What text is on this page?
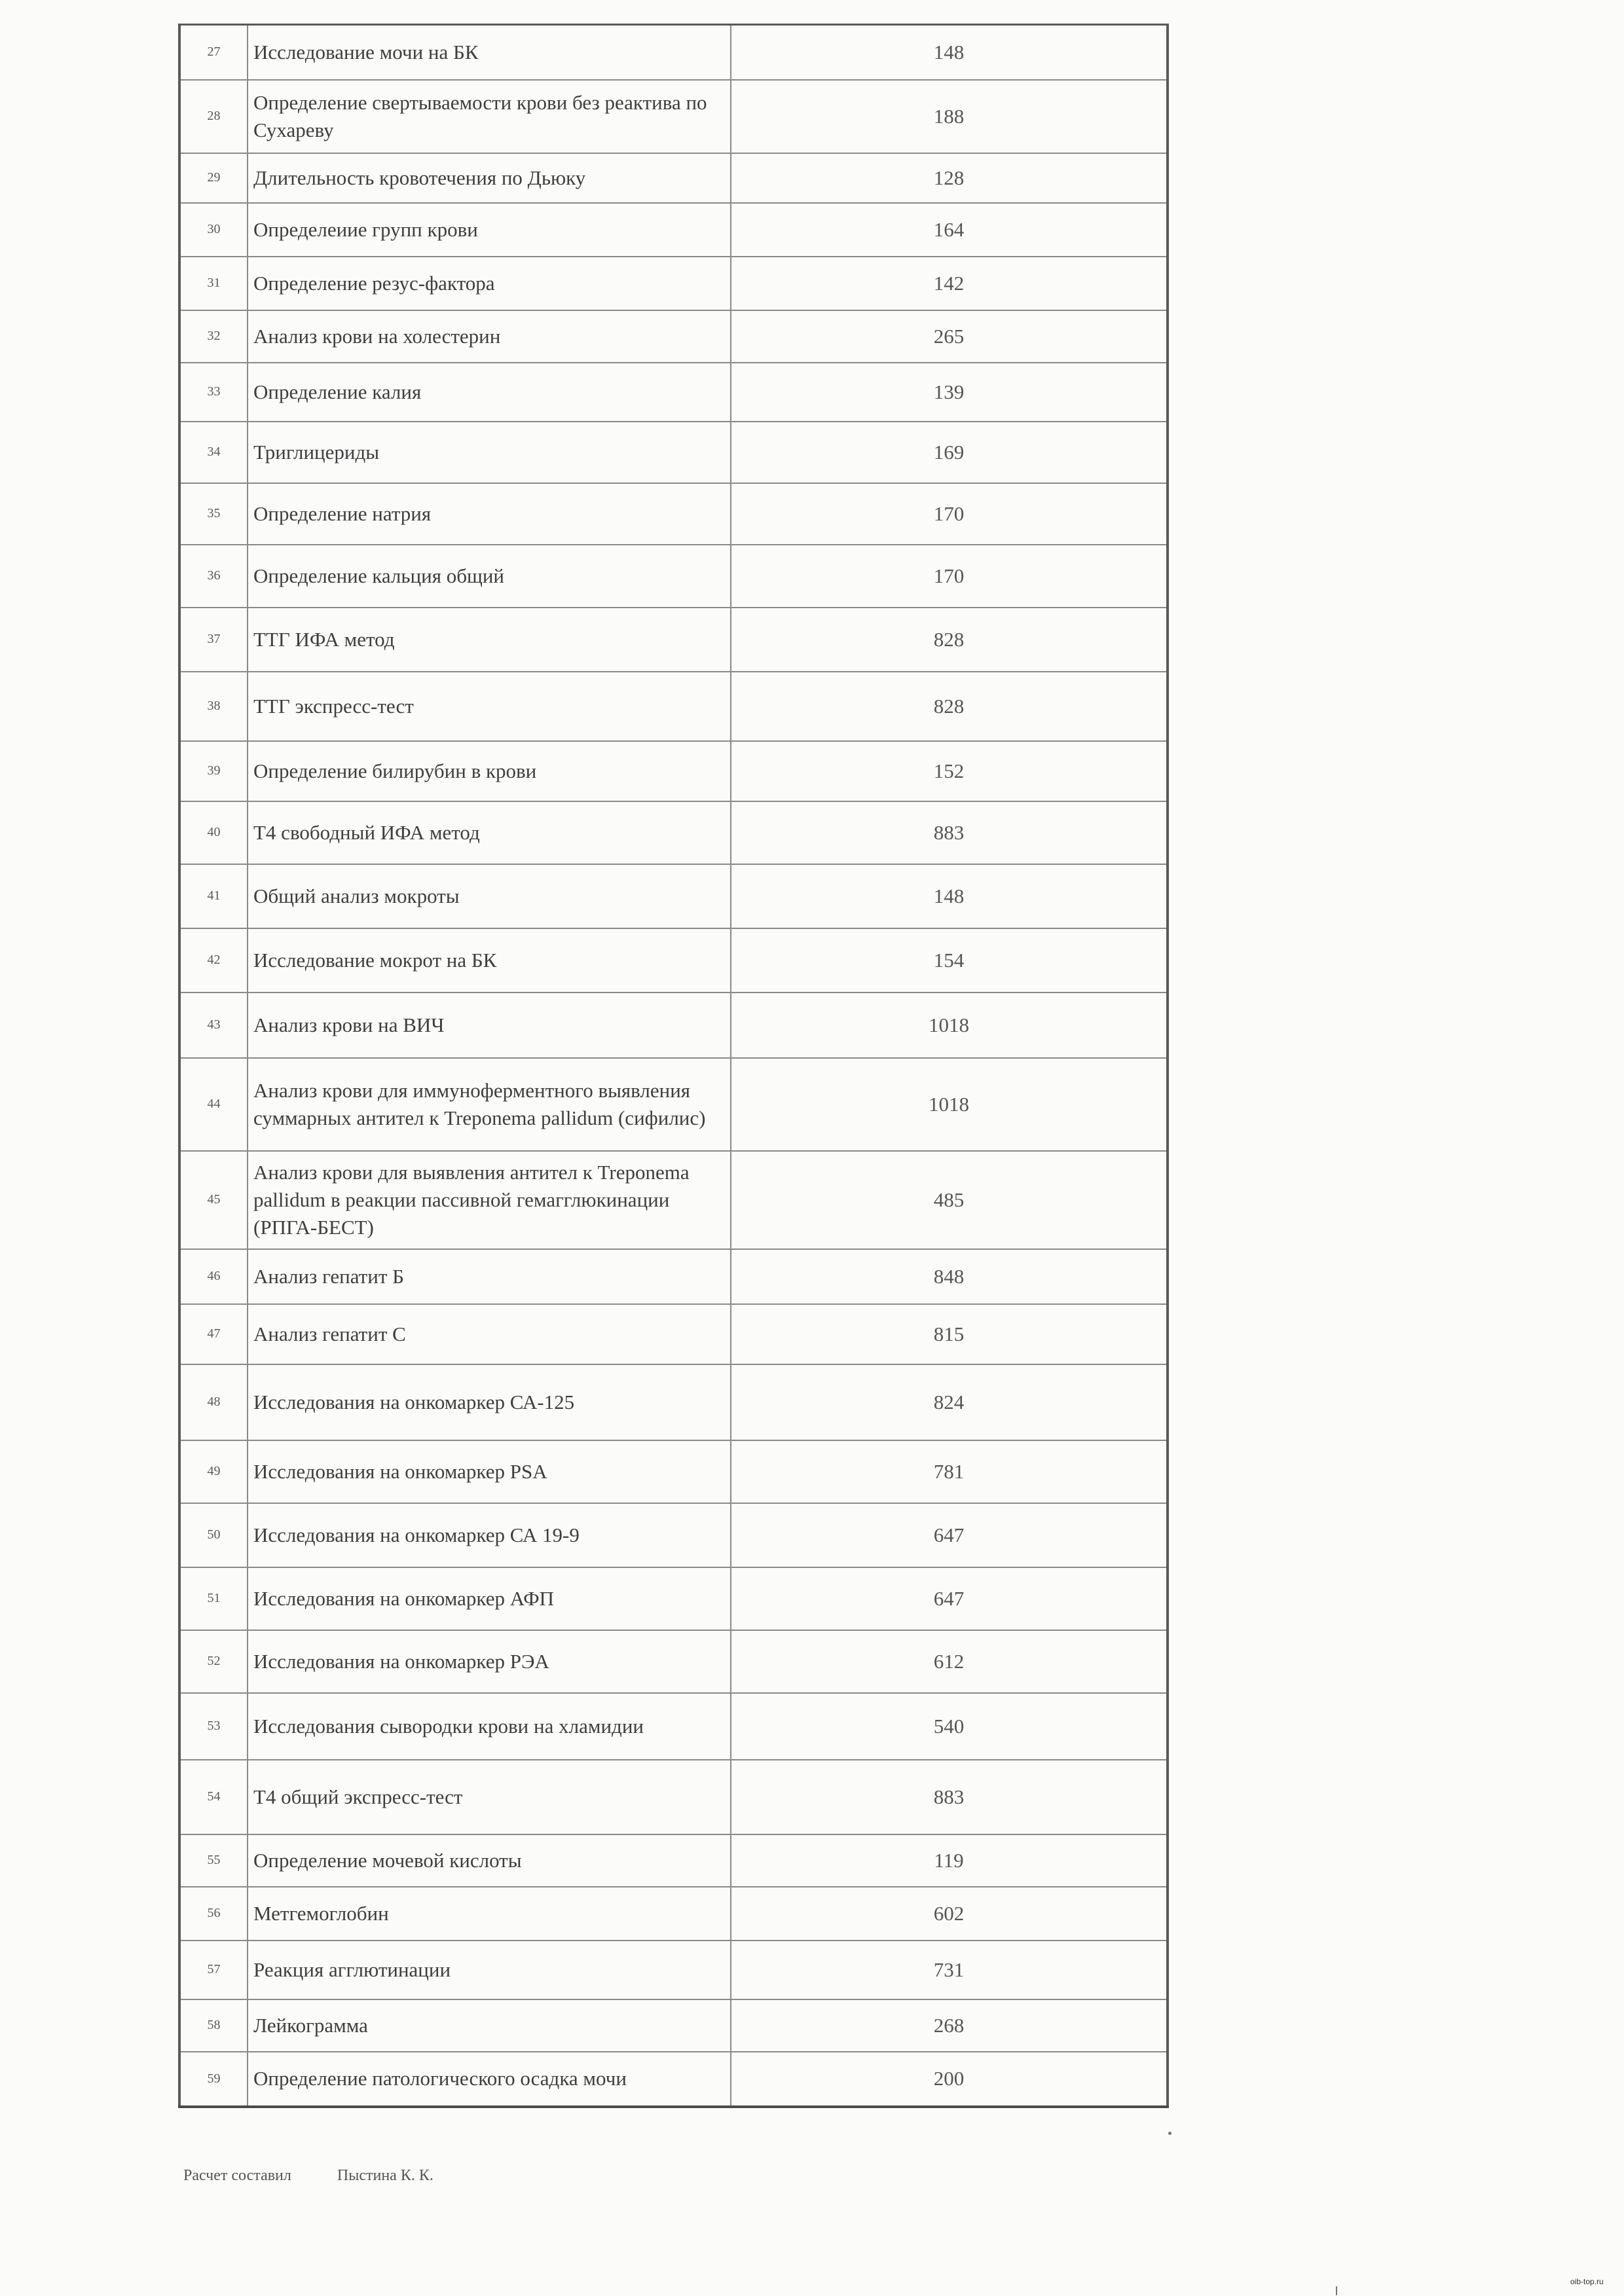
27	Исследование мочи на БК	148
28	Определение свертываемости крови без реактива по Сухареву	188
29	Длительность кровотечения по Дьюку	128
30	Определеиие групп крови	164
31	Определение резус-фактора	142
32	Анализ крови на холестерин	265
33	Определение калия	139
34	Триглицериды	169
35	Определение натрия	170
36	Определение кальция общий	170
37	ТТГ ИФА метод	828
38	ТТГ экспресс-тест	828
39	Определение билирубин в крови	152
40	Т4 свободный ИФА метод	883
41	Общий анализ мокроты	148
42	Исследование мокрот на БК	154
43	Анализ крови на ВИЧ	1018
44	Анализ крови для иммуноферментного выявления суммарных антител к Treponema pallidum (сифилис)	1018
45	Анализ крови для выявления антител к Treponema pallidum в реакции пассивной гемагглюкинации (РПГА-БЕСТ)	485
46	Анализ гепатит Б	848
47	Анализ гепатит С	815
48	Исследования на онкомаркер СА-125	824
49	Исследования на онкомаркер PSA	781
50	Исследования на онкомаркер СА 19-9	647
51	Исследования на онкомаркер АФП	647
52	Исследования на онкомаркер РЭА	612
53	Исследования сывородки крови на хламидии	540
54	Т4 общий экспресс-тест	883
55	Определение мочевой кислоты	119
56	Метгемоглобин	602
57	Реакция агглютинации	731
58	Лейкограмма	268
59	Определение патологического осадка мочи	200
Расчет составил	Пыстина К. К.
oib-top.ru
